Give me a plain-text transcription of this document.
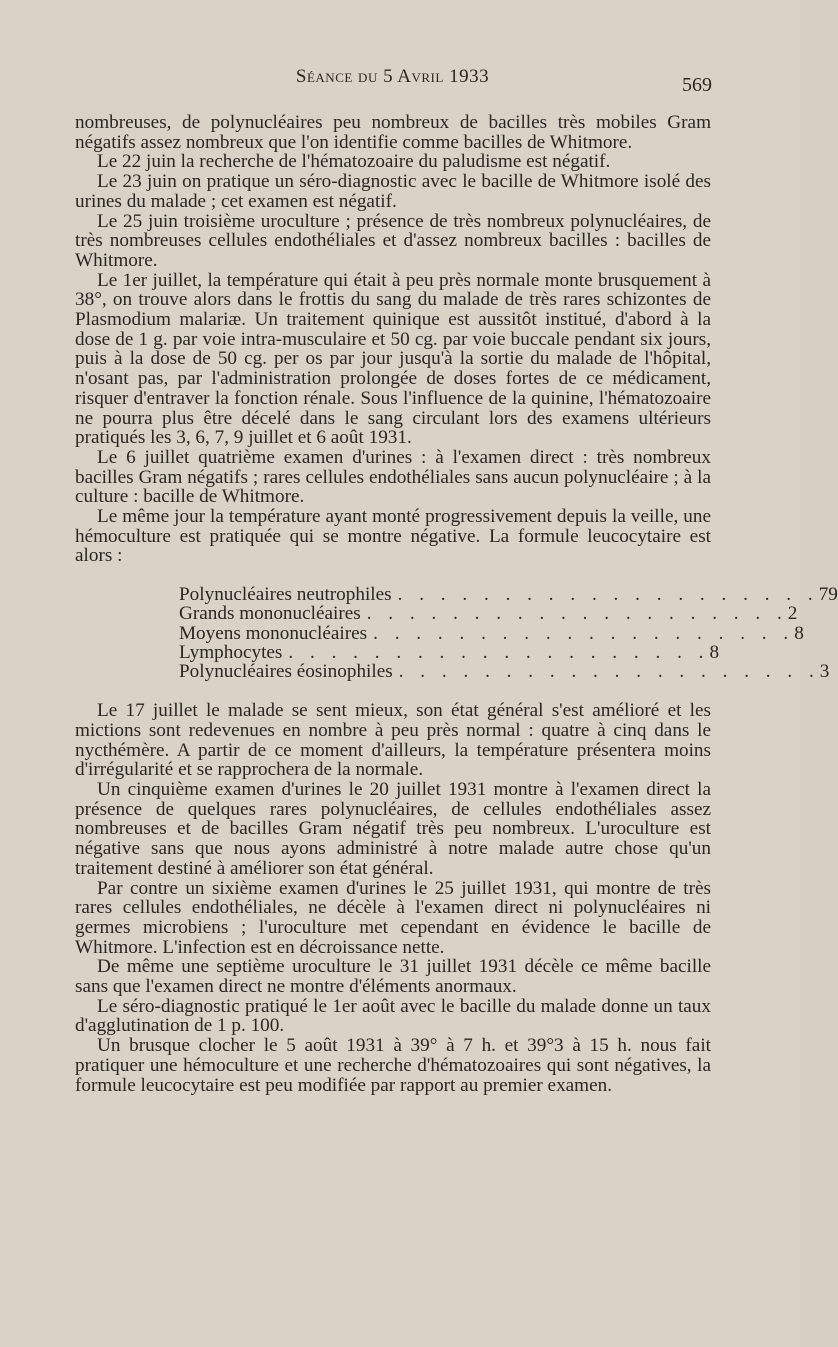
Séance du 5 Avril 1933	569

nombreuses, de polynucléaires peu nombreux de bacilles très mobiles Gram négatifs assez nombreux que l'on identifie comme bacilles de Whitmore.

Le 22 juin la recherche de l'hématozoaire du paludisme est négatif.

Le 23 juin on pratique un séro-diagnostic avec le bacille de Whitmore isolé des urines du malade ; cet examen est négatif.

Le 25 juin troisième uroculture ; présence de très nombreux polynucléaires, de très nombreuses cellules endothéliales et d'assez nombreux bacilles : bacilles de Whitmore.

Le 1er juillet, la température qui était à peu près normale monte brusquement à 38°, on trouve alors dans le frottis du sang du malade de très rares schizontes de Plasmodium malariæ. Un traitement quinique est aussitôt institué, d'abord à la dose de 1 g. par voie intra-musculaire et 50 cg. par voie buccale pendant six jours, puis à la dose de 50 cg. per os par jour jusqu'à la sortie du malade de l'hôpital, n'osant pas, par l'administration prolongée de doses fortes de ce médicament, risquer d'entraver la fonction rénale. Sous l'influence de la quinine, l'hématozoaire ne pourra plus être décelé dans le sang circulant lors des examens ultérieurs pratiqués les 3, 6, 7, 9 juillet et 6 août 1931.

Le 6 juillet quatrième examen d'urines : à l'examen direct : très nombreux bacilles Gram négatifs ; rares cellules endothéliales sans aucun polynucléaire ; à la culture : bacille de Whitmore.

Le même jour la température ayant monté progressivement depuis la veille, une hémoculture est pratiquée qui se montre négative. La formule leucocytaire est alors :

Polynucléaires neutrophiles . . . . . . . . . . . . . . . . . . . . 79
Grands mononucléaires . . . . . . . . . . . . . . . . . . . . 2
Moyens mononucléaires . . . . . . . . . . . . . . . . . . . . 8
Lymphocytes . . . . . . . . . . . . . . . . . . . . 8
Polynucléaires éosinophiles . . . . . . . . . . . . . . . . . . . . 3

Le 17 juillet le malade se sent mieux, son état général s'est amélioré et les mictions sont redevenues en nombre à peu près normal : quatre à cinq dans le nycthémère. A partir de ce moment d'ailleurs, la température présentera moins d'irrégularité et se rapprochera de la normale.

Un cinquième examen d'urines le 20 juillet 1931 montre à l'examen direct la présence de quelques rares polynucléaires, de cellules endothéliales assez nombreuses et de bacilles Gram négatif très peu nombreux. L'uroculture est négative sans que nous ayons administré à notre malade autre chose qu'un traitement destiné à améliorer son état général.

Par contre un sixième examen d'urines le 25 juillet 1931, qui montre de très rares cellules endothéliales, ne décèle à l'examen direct ni polynucléaires ni germes microbiens ; l'uroculture met cependant en évidence le bacille de Whitmore. L'infection est en décroissance nette.

De même une septième uroculture le 31 juillet 1931 décèle ce même bacille sans que l'examen direct ne montre d'éléments anormaux.

Le séro-diagnostic pratiqué le 1er août avec le bacille du malade donne un taux d'agglutination de 1 p. 100.

Un brusque clocher le 5 août 1931 à 39° à 7 h. et 39°3 à 15 h. nous fait pratiquer une hémoculture et une recherche d'hématozoaires qui sont négatives, la formule leucocytaire est peu modifiée par rapport au premier examen.
